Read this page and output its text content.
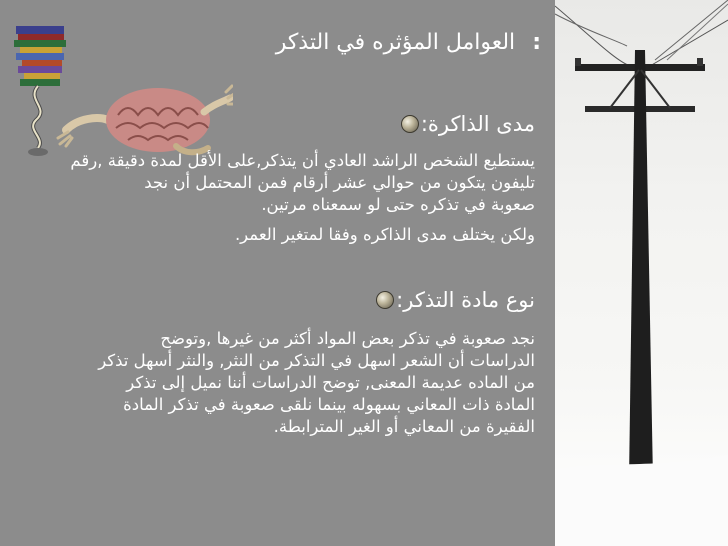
: العوامل المؤثره في التذكر
مدى الذاكرة:
يستطيع الشخص الراشد العادي أن يتذكر,على الأقل لمدة دقيقة ,رقم
تليفون يتكون من حوالي عشر أرقام فمن المحتمل أن نجد
صعوبة في تذكره حتى لو سمعناه مرتين.
ولكن يختلف مدى الذاكره وفقا لمتغير العمر.
نوع مادة التذكر:
نجد صعوبة في تذكر بعض المواد أكثر من غيرها ,وتوضح
الدراسات أن الشعر اسهل في التذكر من النثر, والنثر أسهل تذكر
من الماده عديمة المعنى, توضح الدراسات أننا نميل إلى تذكر
المادة ذات المعاني بسهوله بينما نلقى صعوبة في تذكر المادة
الفقيرة من المعاني أو الغير المترابطة.
